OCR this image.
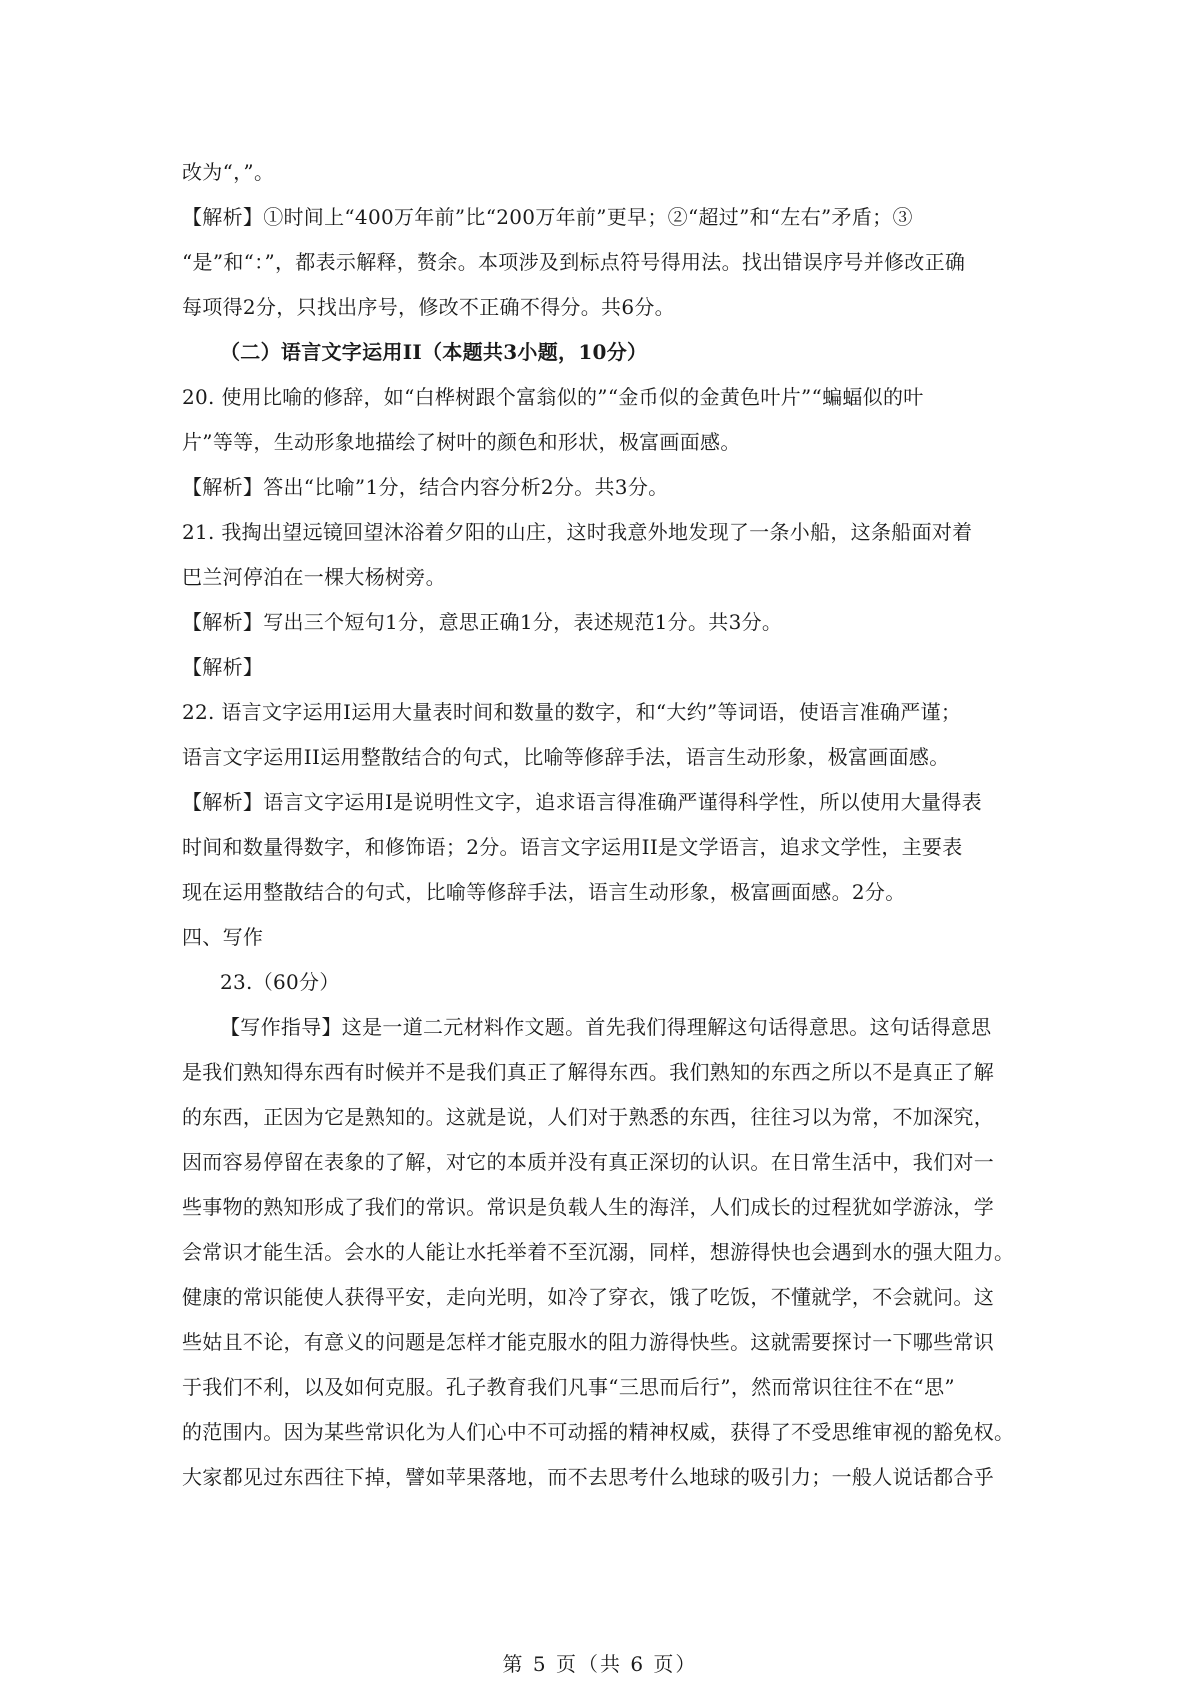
改为“，”。
【解析】①时间上“400万年前”比“200万年前”更早；②“超过”和“左右”矛盾；③
“是”和“：”，都表示解释，赘余。本项涉及到标点符号得用法。找出错误序号并修改正确
每项得2分，只找出序号，修改不正确不得分。共6分。
（二）语言文字运用II（本题共3小题，10分）
20. 使用比喻的修辞，如“白桦树跟个富翁似的”“金币似的金黄色叶片”“蝙蝠似的叶
片”等等，生动形象地描绘了树叶的颜色和形状，极富画面感。
【解析】答出“比喻”1分，结合内容分析2分。共3分。
21. 我掏出望远镜回望沐浴着夕阳的山庄，这时我意外地发现了一条小船，这条船面对着
巴兰河停泊在一棵大杨树旁。
【解析】写出三个短句1分，意思正确1分，表述规范1分。共3分。
【解析】
22. 语言文字运用I运用大量表时间和数量的数字，和“大约”等词语，使语言准确严谨；
语言文字运用II运用整散结合的句式，比喻等修辞手法，语言生动形象，极富画面感。
【解析】语言文字运用I是说明性文字，追求语言得准确严谨得科学性，所以使用大量得表
时间和数量得数字，和修饰语；2分。语言文字运用II是文学语言，追求文学性，主要表
现在运用整散结合的句式，比喻等修辞手法，语言生动形象，极富画面感。2分。
四、写作
23.（60分）
【写作指导】这是一道二元材料作文题。首先我们得理解这句话得意思。这句话得意思
是我们熟知得东西有时候并不是我们真正了解得东西。我们熟知的东西之所以不是真正了解
的东西，正因为它是熟知的。这就是说，人们对于熟悉的东西，往往习以为常，不加深究，
因而容易停留在表象的了解，对它的本质并没有真正深切的认识。在日常生活中，我们对一
些事物的熟知形成了我们的常识。常识是负载人生的海洋，人们成长的过程犹如学游泳，学
会常识才能生活。会水的人能让水托举着不至沉溺，同样，想游得快也会遇到水的强大阻力。
健康的常识能使人获得平安，走向光明，如冷了穿衣，饿了吃饭，不懂就学，不会就问。这
些姑且不论，有意义的问题是怎样才能克服水的阻力游得快些。这就需要探讨一下哪些常识
于我们不利，以及如何克服。孔子教育我们凡事“三思而后行”，然而常识往往不在“思”
的范围内。因为某些常识化为人们心中不可动摇的精神权威，获得了不受思维审视的豁免权。
大家都见过东西往下掉，譬如苹果落地，而不去思考什么地球的吸引力；一般人说话都合乎
第 5 页（共 6 页）
